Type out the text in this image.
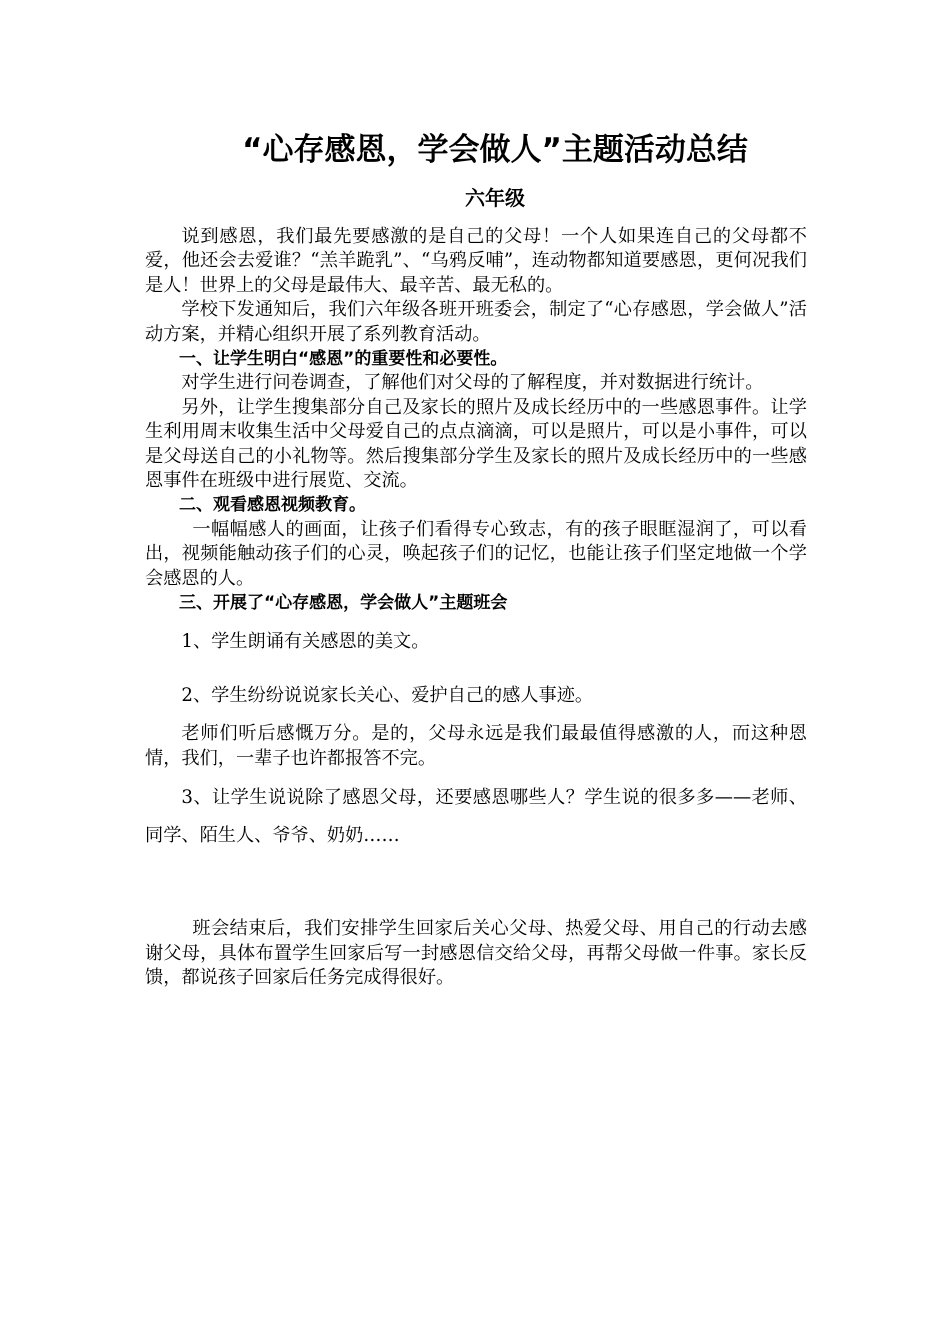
“心存感恩，学会做人”主题活动总结
六年级

说到感恩，我们最先要感激的是自己的父母！一个人如果连自己的父母都不爱，他还会去爱谁？“羔羊跪乳”、“乌鸦反哺”，连动物都知道要感恩，更何况我们是人！世界上的父母是最伟大、最辛苦、最无私的。

学校下发通知后，我们六年级各班开班委会，制定了“心存感恩，学会做人”活动方案，并精心组织开展了系列教育活动。

一、让学生明白“感恩”的重要性和必要性。

对学生进行问卷调查，了解他们对父母的了解程度，并对数据进行统计。

另外，让学生搜集部分自己及家长的照片及成长经历中的一些感恩事件。让学生利用周末收集生活中父母爱自己的点点滴滴，可以是照片，可以是小事件，可以是父母送自己的小礼物等。然后搜集部分学生及家长的照片及成长经历中的一些感恩事件在班级中进行展览、交流。

二、观看感恩视频教育。

一幅幅感人的画面，让孩子们看得专心致志，有的孩子眼眶湿润了，可以看出，视频能触动孩子们的心灵，唤起孩子们的记忆，也能让孩子们坚定地做一个学会感恩的人。

三、开展了“心存感恩，学会做人”主题班会

1、学生朗诵有关感恩的美文。

2、学生纷纷说说家长关心、爱护自己的感人事迹。

老师们听后感慨万分。是的，父母永远是我们最最值得感激的人，而这种恩情，我们，一辈子也许都报答不完。

3、让学生说说除了感恩父母，还要感恩哪些人？学生说的很多多——老师、同学、陌生人、爷爷、奶奶……

班会结束后，我们安排学生回家后关心父母、热爱父母、用自己的行动去感谢父母，具体布置学生回家后写一封感恩信交给父母，再帮父母做一件事。家长反馈，都说孩子回家后任务完成得很好。
